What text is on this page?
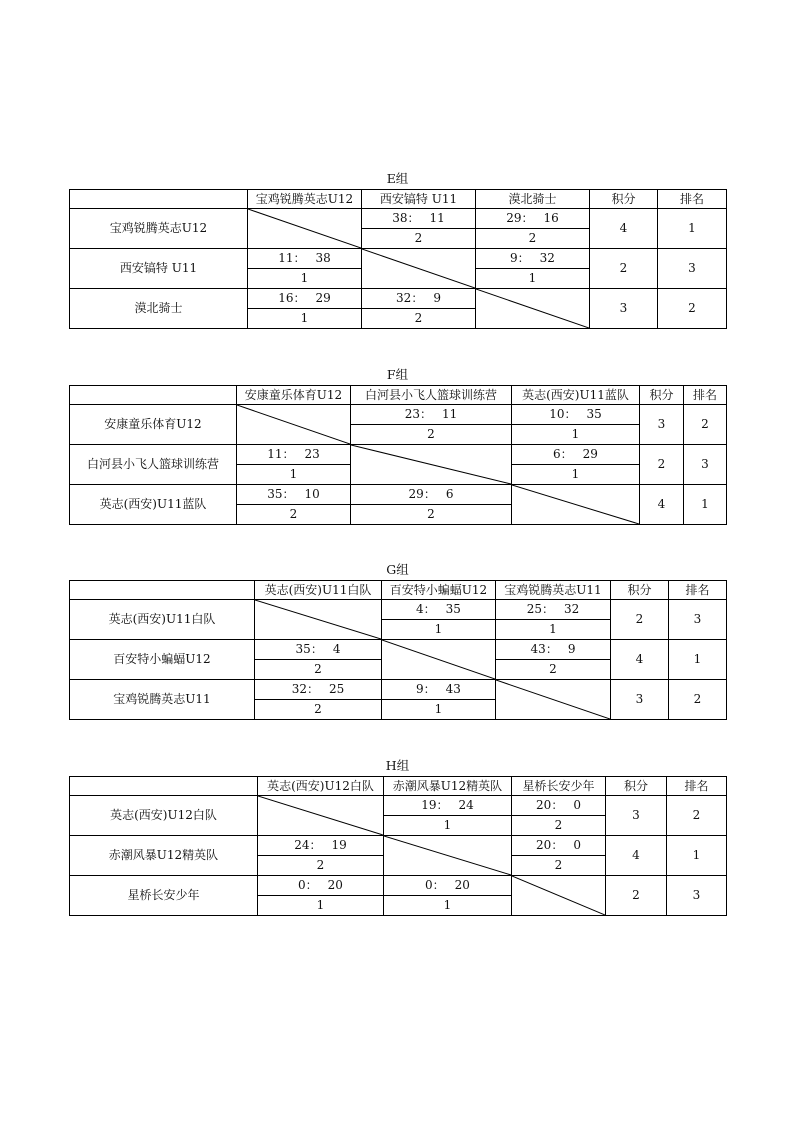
E组
	宝鸡锐腾英志U12	西安镐特 U11	漠北骑士	积分	排名
宝鸡锐腾英志U12		38： 11	29： 16	4	1
		2	2		
西安镐特 U11	11： 38		9： 32	2	3
	1		1		
漠北骑士	16： 29	32： 9		3	2
	1	2			
F组
	安康童乐体育U12	白河县小飞人篮球训练营	英志(西安)U11蓝队	积分	排名
安康童乐体育U12		23： 11	10： 35	3	2
		2	1		
白河县小飞人篮球训练营	11： 23		6： 29	2	3
	1		1		
英志(西安)U11蓝队	35： 10	29： 6		4	1
	2	2			
G组
	英志(西安)U11白队	百安特小蝙蝠U12	宝鸡锐腾英志U11	积分	排名
英志(西安)U11白队		4： 35	25： 32	2	3
		1	1		
百安特小蝙蝠U12	35： 4		43： 9	4	1
	2		2		
宝鸡锐腾英志U11	32： 25	9： 43		3	2
	2	1			
H组
	英志(西安)U12白队	赤潮风暴U12精英队	星桥长安少年	积分	排名
英志(西安)U12白队		19： 24	20： 0	3	2
		1	2		
赤潮风暴U12精英队	24： 19		20： 0	4	1
	2		2		
星桥长安少年	0： 20	0： 20		2	3
	1	1			
